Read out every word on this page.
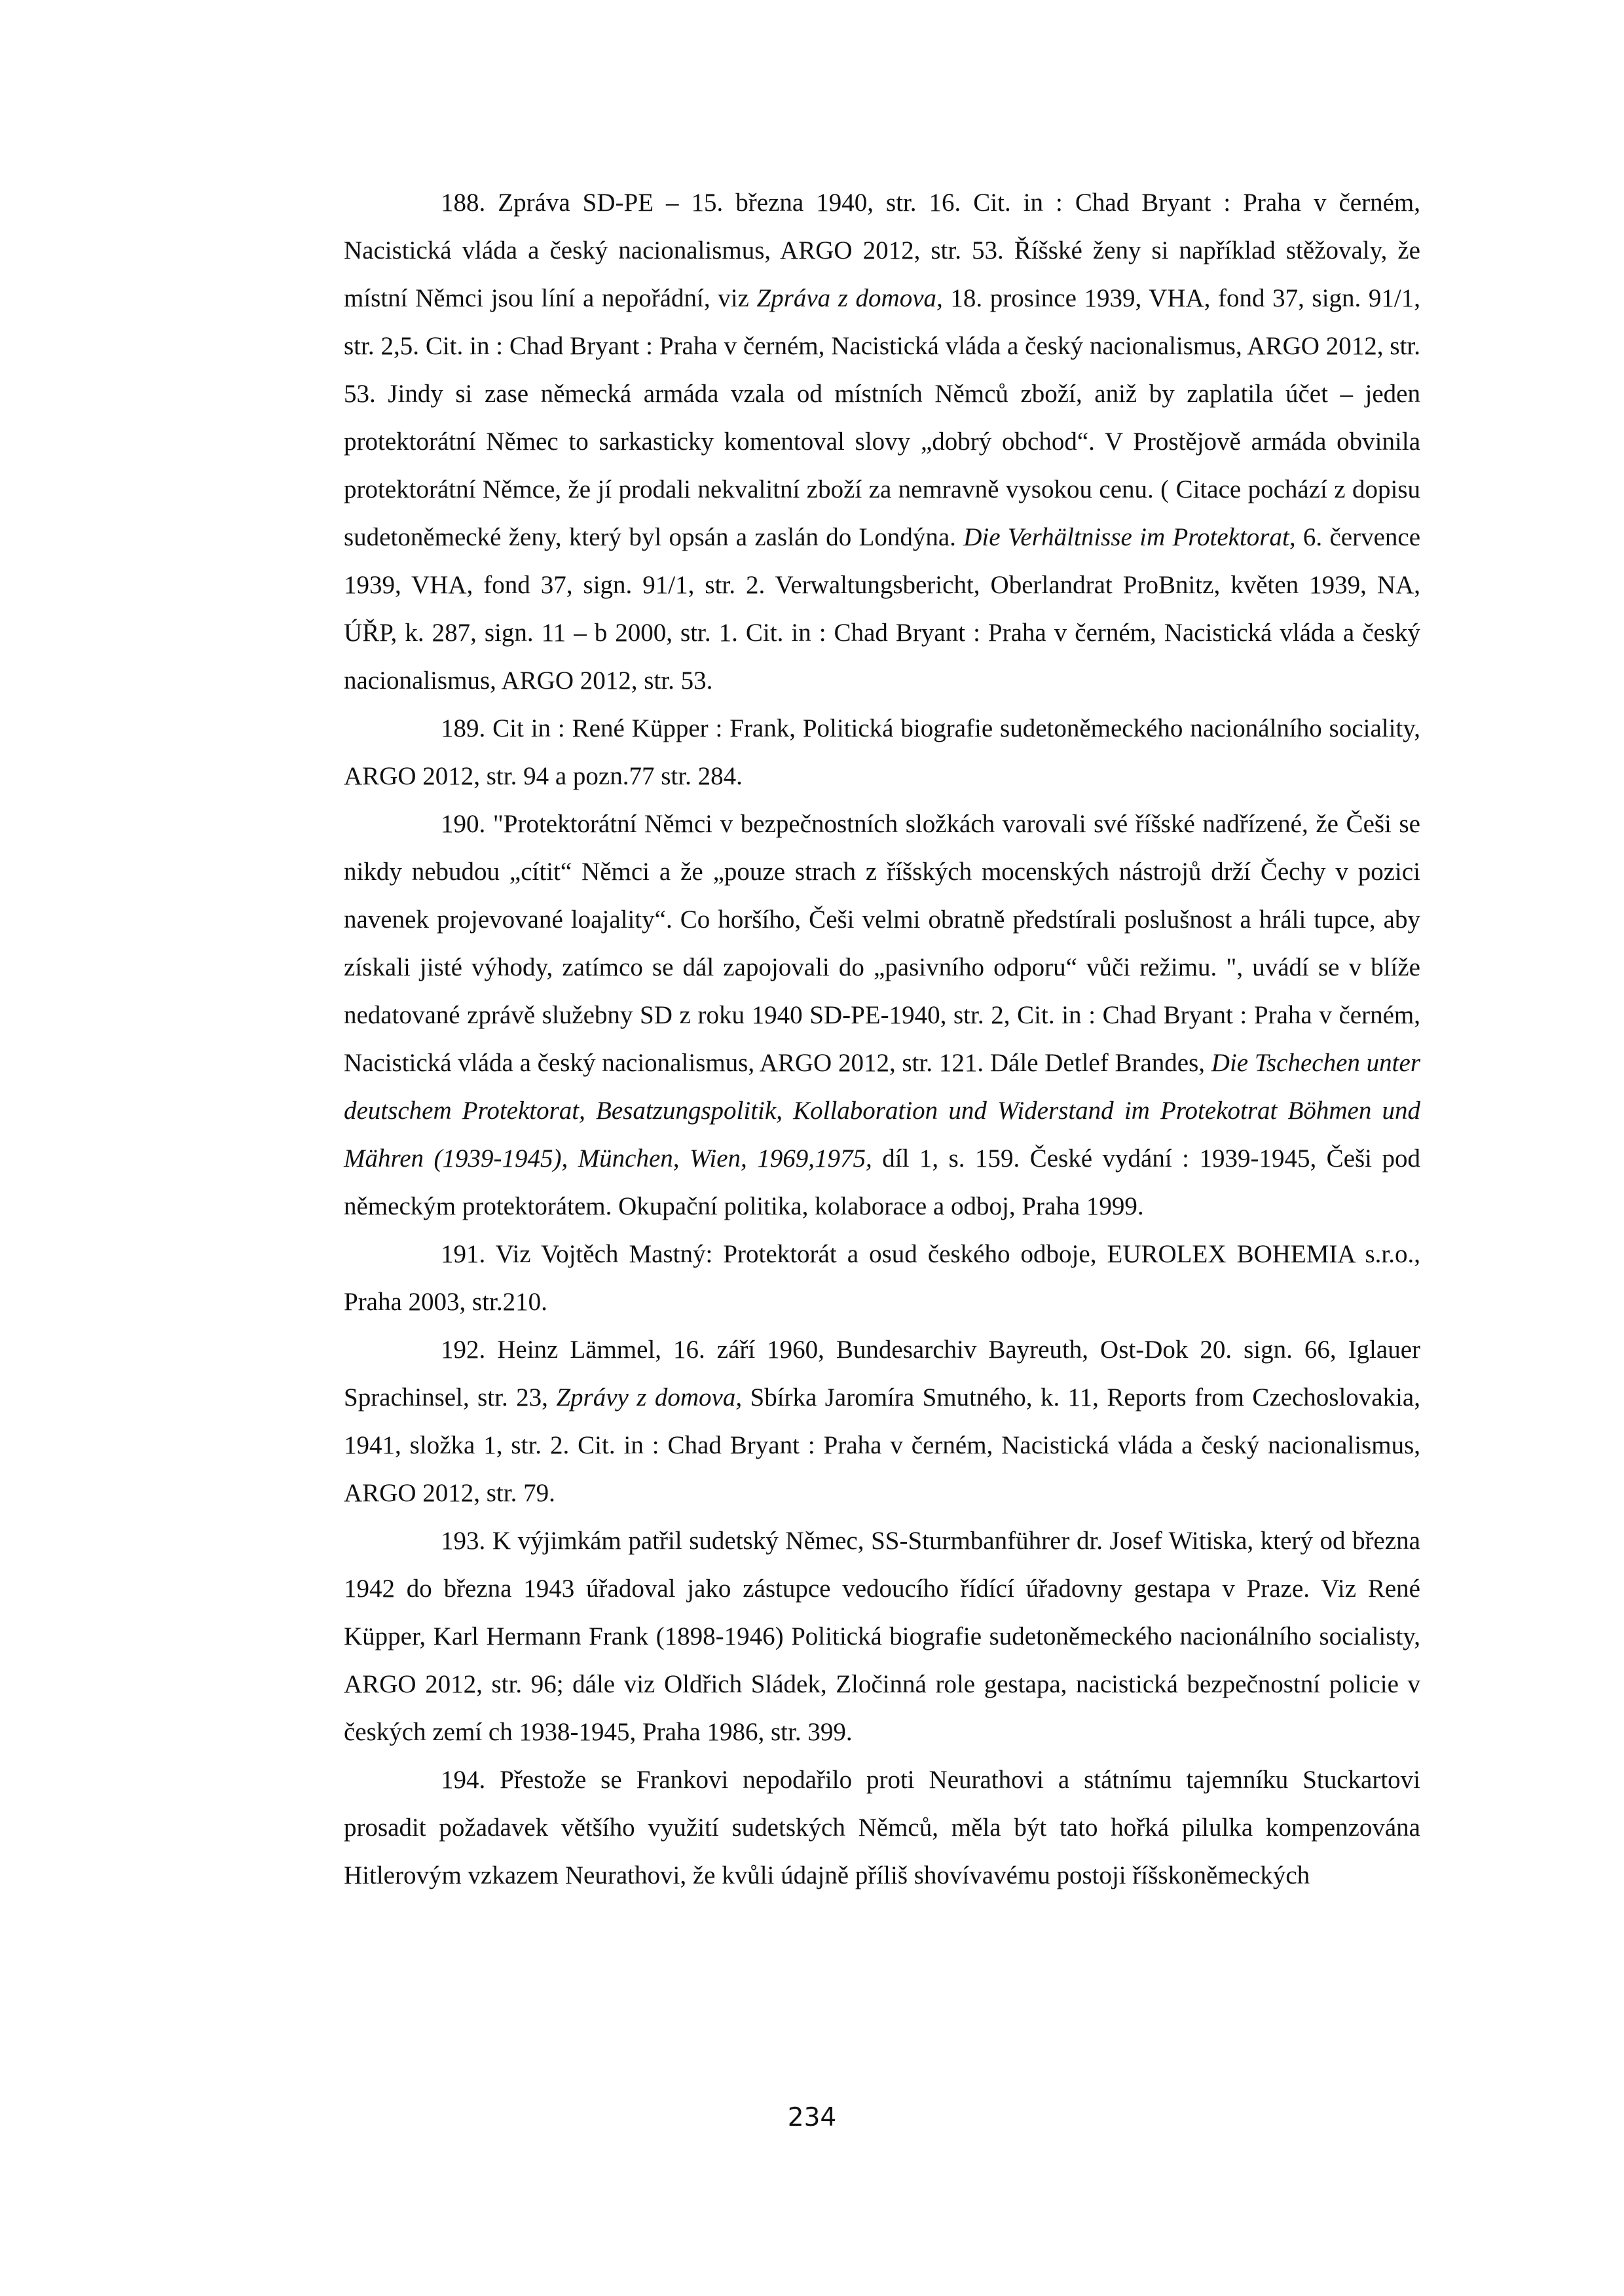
188. Zpráva SD-PE – 15. března 1940, str. 16. Cit. in : Chad Bryant : Praha v černém, Nacistická vláda a český nacionalismus, ARGO 2012, str. 53. Říšské ženy si například stěžovaly, že místní Němci jsou líní a nepořádní, viz Zpráva z domova, 18. prosince 1939, VHA, fond 37, sign. 91/1, str. 2,5. Cit. in : Chad Bryant : Praha v černém, Nacistická vláda a český nacionalismus, ARGO 2012, str. 53. Jindy si zase německá armáda vzala od místních Němců zboží, aniž by zaplatila účet – jeden protektorátní Němec to sarkasticky komentoval slovy „dobrý obchod“. V Prostějově armáda obvinila protektorátní Němce, že jí prodali nekvalitní zboží za nemravně vysokou cenu. ( Citace pochází z dopisu sudetoněmecké ženy, který byl opsán a zaslán do Londýna. Die Verhältnisse im Protektorat, 6. července 1939, VHA, fond 37, sign. 91/1, str. 2. Verwaltungsbericht, Oberlandrat ProBnitz, květen 1939, NA, ÚŘP, k. 287, sign. 11 – b 2000, str. 1. Cit. in : Chad Bryant : Praha v černém, Nacistická vláda a český nacionalismus, ARGO 2012, str. 53.

189. Cit in : René Küpper : Frank, Politická biografie sudetoněmeckého nacionálního sociality, ARGO 2012, str. 94 a pozn.77 str. 284.

190. "Protektorátní Němci v bezpečnostních složkách varovali své říšské nadřízené, že Češi se nikdy nebudou „cítit“ Němci a že „pouze strach z říšských mocenských nástrojů drží Čechy v pozici navenek projevované loajality“. Co horšího, Češi velmi obratně předstírali poslušnost a hráli tupce, aby získali jisté výhody, zatímco se dál zapojovali do „pasivního odporu“ vůči režimu. ", uvádí se v blíže nedatované zprávě služebny SD z roku 1940 SD-PE-1940, str. 2, Cit. in : Chad Bryant : Praha v černém, Nacistická vláda a český nacionalismus, ARGO 2012, str. 121. Dále Detlef Brandes, Die Tschechen unter deutschem Protektorat, Besatzungspolitik, Kollaboration und Widerstand im Protekotrat Böhmen und Mähren (1939-1945), München, Wien, 1969,1975, díl 1, s. 159. České vydání : 1939-1945, Češi pod německým protektorátem. Okupační politika, kolaborace a odboj, Praha 1999.

191. Viz Vojtěch Mastný: Protektorát a osud českého odboje, EUROLEX BOHEMIA s.r.o., Praha 2003, str.210.

192. Heinz Lämmel, 16. září 1960, Bundesarchiv Bayreuth, Ost-Dok 20. sign. 66, Iglauer Sprachinsel, str. 23, Zprávy z domova, Sbírka Jaromíra Smutného, k. 11, Reports from Czechoslovakia, 1941, složka 1, str. 2. Cit. in : Chad Bryant : Praha v černém, Nacistická vláda a český nacionalismus, ARGO 2012, str. 79.

193. K výjimkám patřil sudetský Němec, SS-Sturmbanführer dr. Josef Witiska, který od března 1942 do března 1943 úřadoval jako zástupce vedoucího řídící úřadovny gestapa v Praze. Viz René Küpper, Karl Hermann Frank (1898-1946) Politická biografie sudetoněmeckého nacionálního socialisty, ARGO 2012, str. 96; dále viz Oldřich Sládek, Zločinná role gestapa, nacistická bezpečnostní policie v českých zemí ch 1938-1945, Praha 1986, str. 399.

194. Přestože se Frankovi nepodařilo proti Neurathovi a státnímu tajemníku Stuckartovi prosadit požadavek většího využití sudetských Němců, měla být tato hořká pilulka kompenzována Hitlerovým vzkazem Neurathovi, že kvůli údajně příliš shovívavému postoji říšskoněmeckých

234
